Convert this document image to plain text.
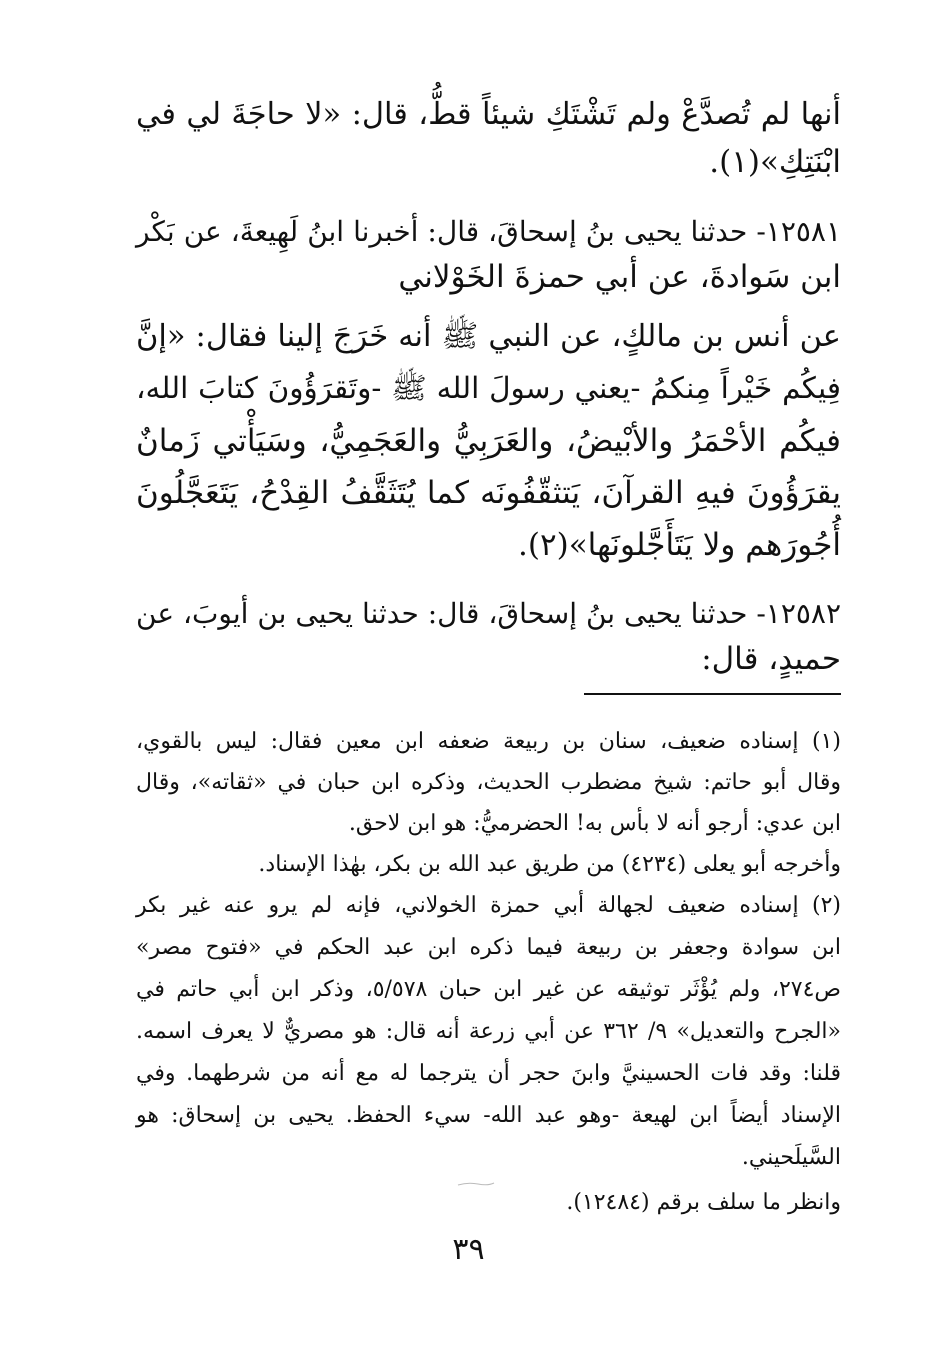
أنها لم تُصدَّعْ ولم تَشْتَكِ شيئاً قطُّ، قال: «لا حاجَةَ لي في

ابْنَتِكِ»(١).

١٢٥٨١- حدثنا يحيى بنُ إسحاقَ، قال: أخبرنا ابنُ لَهِيعةَ، عن بَكْر

ابن سَوادةَ، عن أبي حمزةَ الخَوْلاني

عن أنس بن مالكٍ، عن النبي ﷺ أنه خَرَجَ إلينا فقال: «إنَّ

فِيكُم خَيْراً مِنكمُ -يعني رسولَ الله ﷺ -وتَقرَؤُونَ كتابَ الله،

فيكُم الأحْمَرُ والأبْيضُ، والعَرَبِيُّ والعَجَمِيُّ، وسَيَأْتي زَمانٌ

يقرَؤُونَ فيهِ القرآنَ، يَتثقّفُونَه كما يُتَثَقَّفُ القِدْحُ، يَتَعَجَّلُونَ

أُجُورَهم ولا يَتَأَجَّلونَها»(٢).

١٢٥٨٢- حدثنا يحيى بنُ إسحاقَ، قال: حدثنا يحيى بن أيوبَ، عن

حميدٍ، قال:

(١) إسناده ضعيف، سنان بن ربيعة ضعفه ابن معين فقال: ليس بالقوي،

وقال أبو حاتم: شيخ مضطرب الحديث، وذكره ابن حبان في «ثقاته»، وقال

ابن عدي: أرجو أنه لا بأس به! الحضرميُّ: هو ابن لاحق.

وأخرجه أبو يعلى (٤٢٣٤) من طريق عبد الله بن بكر، بهٰذا الإسناد.

(٢) إسناده ضعيف لجهالة أبي حمزة الخولاني، فإنه لم يرو عنه غير بكر

ابن سوادة وجعفر بن ربيعة فيما ذكره ابن عبد الحكم في «فتوح مصر»

ص٢٧٤، ولم يُؤْثَر توثيقه عن غير ابن حبان ٥/٥٧٨، وذكر ابن أبي حاتم في

«الجرح والتعديل» ٩/ ٣٦٢ عن أبي زرعة أنه قال: هو مصريٌّ لا يعرف اسمه.

قلنا: وقد فات الحسينيَّ وابنَ حجر أن يترجما له مع أنه من شرطهما. وفي

الإسناد أيضاً ابن لهيعة -وهو عبد الله- سيء الحفظ. يحيى بن إسحاق: هو

السَّيلَحيني.

وانظر ما سلف برقم (١٢٤٨٤).

٣٩
